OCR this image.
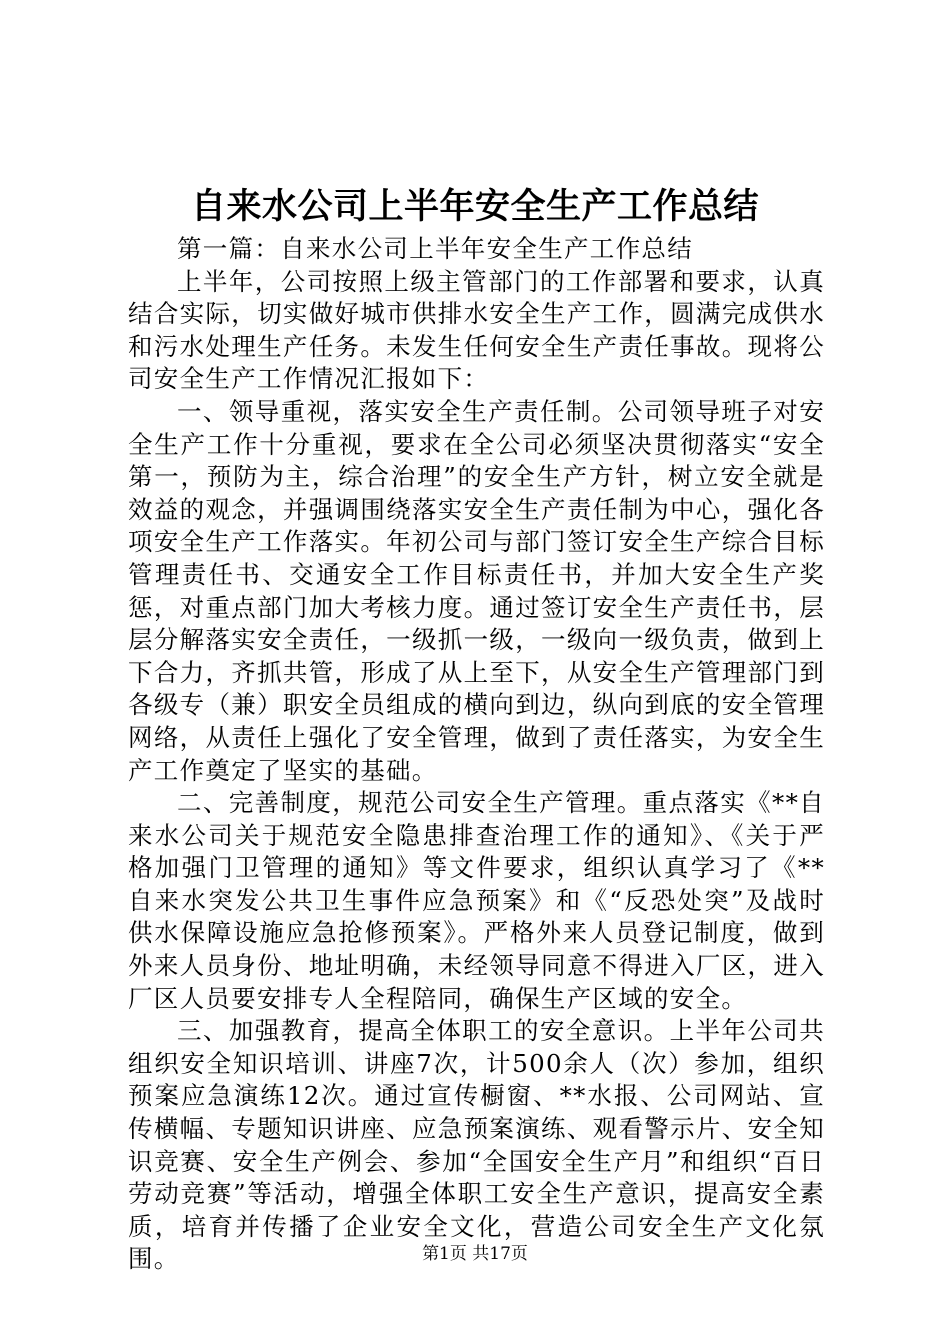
自来水公司上半年安全生产工作总结

第一篇：自来水公司上半年安全生产工作总结

上半年，公司按照上级主管部门的工作部署和要求，认真结合实际，切实做好城市供排水安全生产工作，圆满完成供水和污水处理生产任务。未发生任何安全生产责任事故。现将公司安全生产工作情况汇报如下：

一、领导重视，落实安全生产责任制。公司领导班子对安全生产工作十分重视，要求在全公司必须坚决贯彻落实“安全第一，预防为主，综合治理”的安全生产方针，树立安全就是效益的观念，并强调围绕落实安全生产责任制为中心，强化各项安全生产工作落实。年初公司与部门签订安全生产综合目标管理责任书、交通安全工作目标责任书，并加大安全生产奖惩，对重点部门加大考核力度。通过签订安全生产责任书，层层分解落实安全责任，一级抓一级，一级向一级负责，做到上下合力，齐抓共管，形成了从上至下，从安全生产管理部门到各级专（兼）职安全员组成的横向到边，纵向到底的安全管理网络，从责任上强化了安全管理，做到了责任落实，为安全生产工作奠定了坚实的基础。

二、完善制度，规范公司安全生产管理。重点落实《**自来水公司关于规范安全隐患排查治理工作的通知》、《关于严格加强门卫管理的通知》等文件要求，组织认真学习了《**自来水突发公共卫生事件应急预案》和《“反恐处突”及战时供水保障设施应急抢修预案》。严格外来人员登记制度，做到外来人员身份、地址明确，未经领导同意不得进入厂区，进入厂区人员要安排专人全程陪同，确保生产区域的安全。

三、加强教育，提高全体职工的安全意识。上半年公司共组织安全知识培训、讲座7次，计500余人（次）参加，组织预案应急演练12次。通过宣传橱窗、**水报、公司网站、宣传横幅、专题知识讲座、应急预案演练、观看警示片、安全知识竞赛、安全生产例会、参加“全国安全生产月”和组织“百日劳动竞赛”等活动，增强全体职工安全生产意识，提高安全素质，培育并传播了企业安全文化，营造公司安全生产文化氛围。	第1页 共17页
